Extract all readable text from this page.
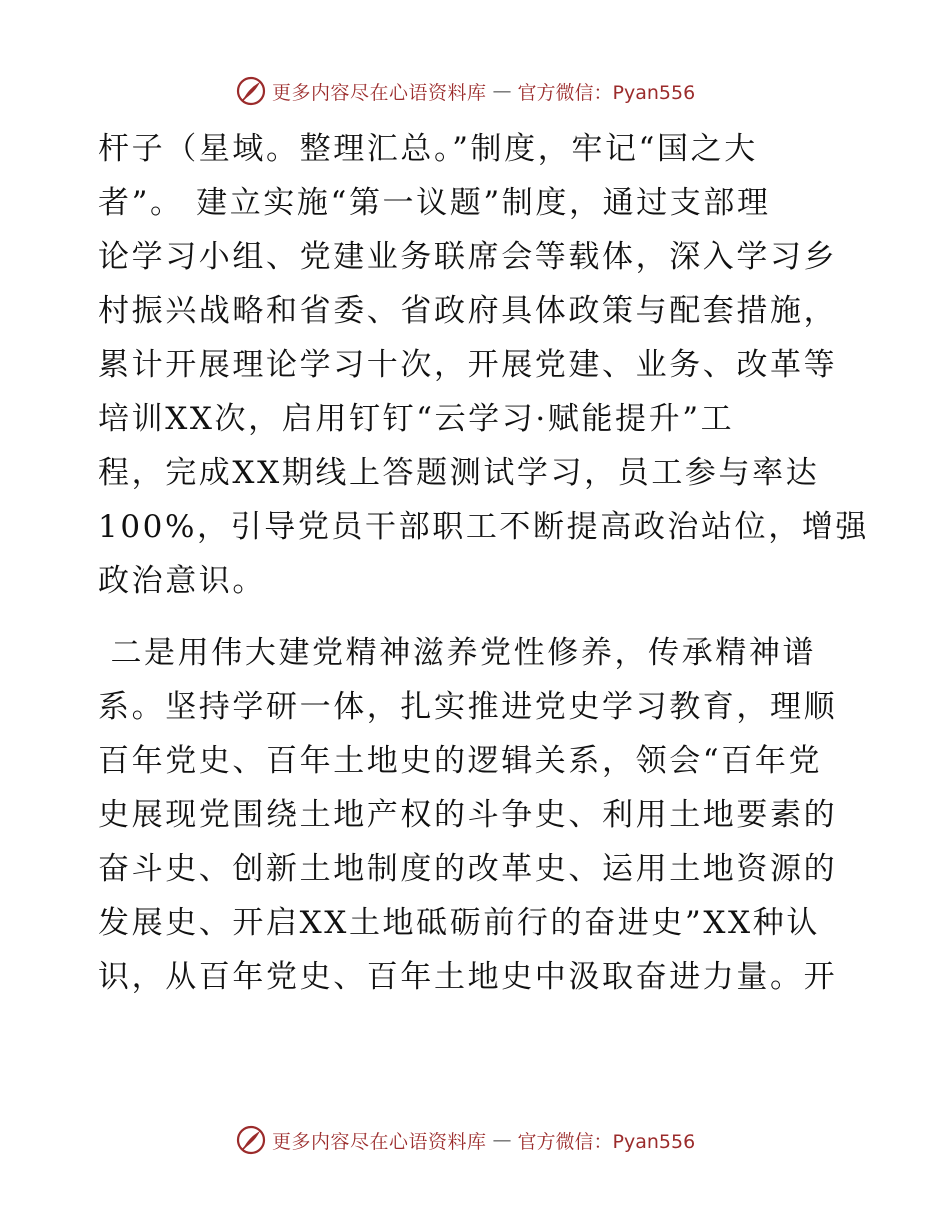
更多内容尽在心语资料库 — 官方微信：Pyan556
杆子（星域。整理汇总。”制度，牢记“国之大
者”。 建立实施“第一议题”制度，通过支部理
论学习小组、党建业务联席会等载体，深入学习乡
村振兴战略和省委、省政府具体政策与配套措施，
累计开展理论学习十次，开展党建、业务、改革等
培训XX次，启用钉钉“云学习·赋能提升”工
程，完成XX期线上答题测试学习，员工参与率达
100%，引导党员干部职工不断提高政治站位，增强
政治意识。
二是用伟大建党精神滋养党性修养，传承精神谱
系。坚持学研一体，扎实推进党史学习教育，理顺
百年党史、百年土地史的逻辑关系，领会“百年党
史展现党围绕土地产权的斗争史、利用土地要素的
奋斗史、创新土地制度的改革史、运用土地资源的
发展史、开启XX土地砥砺前行的奋进史”XX种认
识，从百年党史、百年土地史中汲取奋进力量。开
更多内容尽在心语资料库 — 官方微信：Pyan556
